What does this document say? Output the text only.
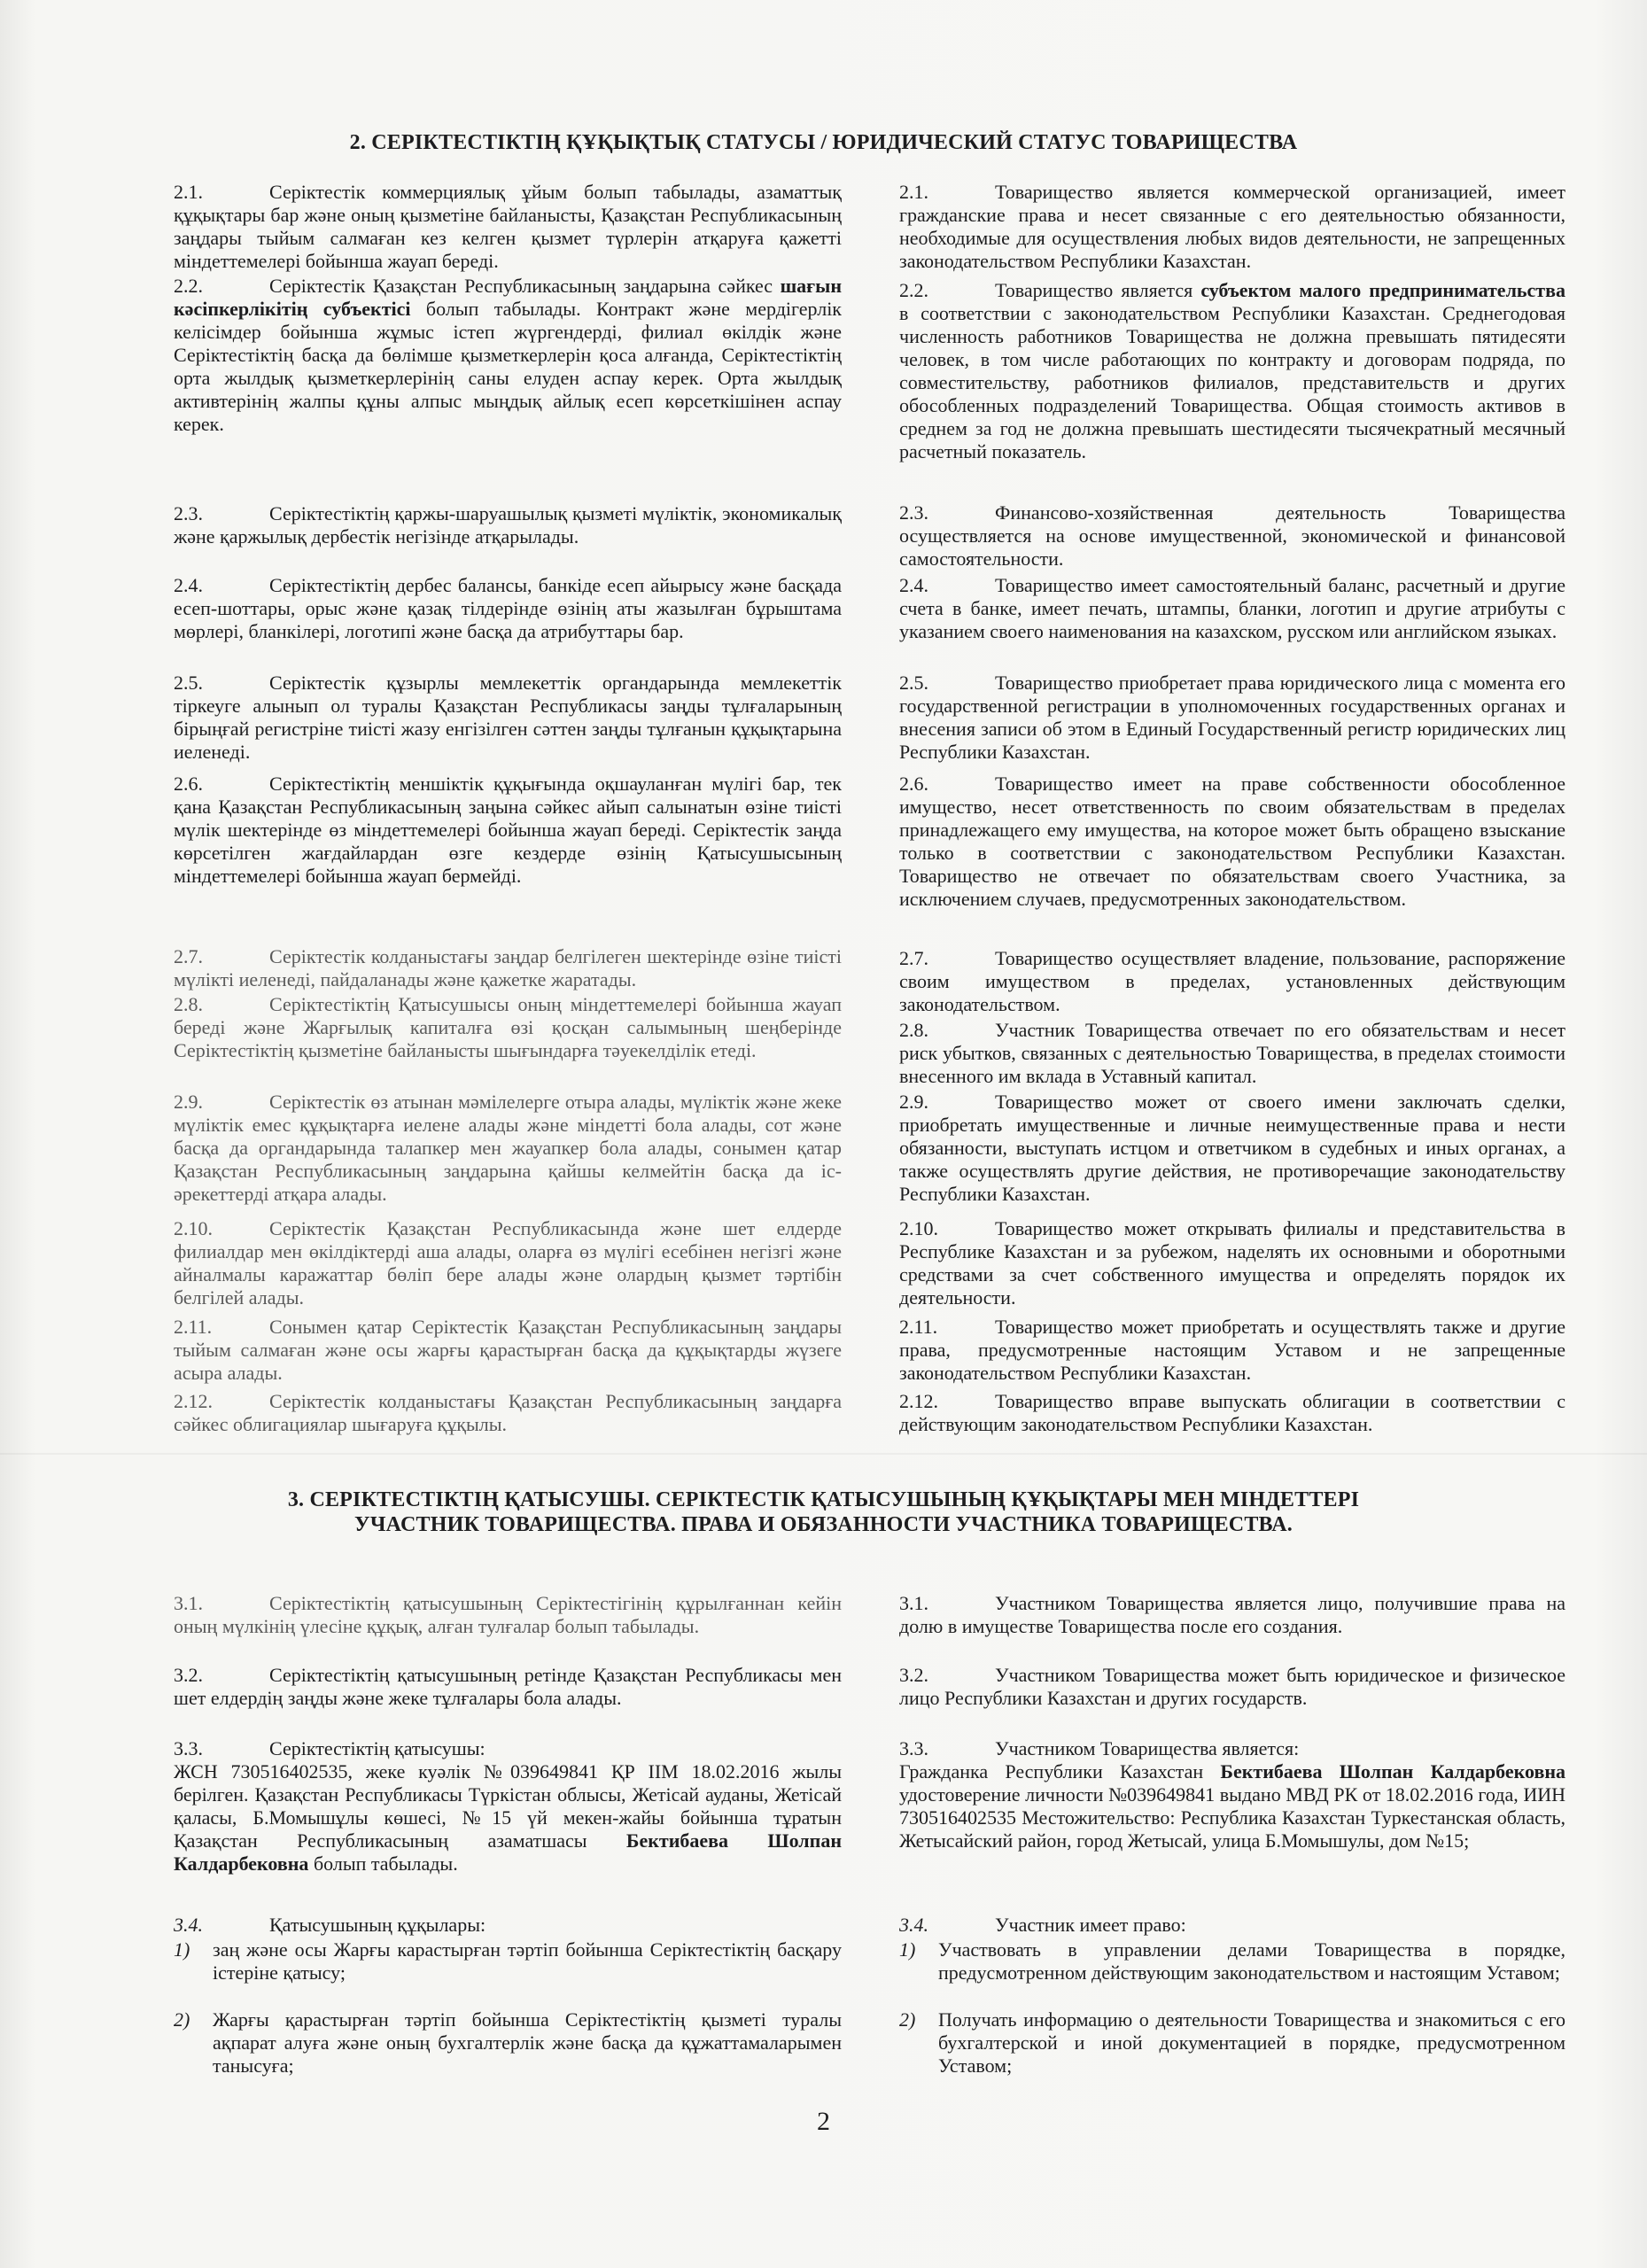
2. СЕРІКТЕСТІКТІҢ ҚҰҚЫҚТЫҚ СТАТУСЫ / ЮРИДИЧЕСКИЙ СТАТУС ТОВАРИЩЕСТВА
2.1.	Серіктестік коммерциялық ұйым болып табылады, азаматтық құқықтары бар және оның қызметіне байланысты, Қазақстан Республикасының заңдары тыйым салмаған кез келген қызмет түрлерін атқаруға қажетті міндеттемелері бойынша жауап береді.
2.2.	Серіктестік Қазақстан Республикасының заңдарына сәйкес шағын кәсіпкерлікітің субъектісі болып табылады. Контракт және мердігерлік келісімдер бойынша жұмыс істеп жүргендерді, филиал өкілдік және Серіктестіктің басқа да бөлімше қызметкерлерін қоса алғанда, Серіктестіктің орта жылдық қызметкерлерінің саны елуден аспау керек. Орта жылдық активтерінің жалпы құны алпыс мыңдық айлық есеп көрсеткішінен аспау керек.
2.3.	Серіктестіктің қаржы-шаруашылық қызметі мүліктік, экономикалық және қаржылық дербестік негізінде атқарылады.
2.4.	Серіктестіктің дербес балансы, банкіде есеп айырысу және басқада есеп-шоттары, орыс және қазақ тілдерінде өзінің аты жазылған бұрыштама мөрлері, бланкілері, логотипі және басқа да атрибуттары бар.
2.5.	Серіктестік құзырлы мемлекеттік органдарында мемлекеттік тіркеуге алынып ол туралы Қазақстан Республикасы заңды тұлғаларының бірыңғай регистріне тиісті жазу енгізілген сәттен заңды тұлғанын құқықтарына иеленеді.
2.6.	Серіктестіктің меншіктік құқығында оқшауланған мүлігі бар, тек қана Қазақстан Республикасының заңына сәйкес айып салынатын өзіне тиісті мүлік шектерінде өз міндеттемелері бойынша жауап береді. Серіктестік заңда көрсетілген жағдайлардан өзге кездерде өзінің Қатысушысының міндеттемелері бойынша жауап бермейді.
2.7.	Серіктестік колданыстағы заңдар белгілеген шектерінде өзіне тиісті мүлікті иеленеді, пайдаланады және қажетке жаратады.
2.8.	Серіктестіктің Қатысушысы оның міндеттемелері бойынша жауап береді және Жарғылық капиталға өзі қосқан салымының шеңберінде Серіктестіктің қызметіне байланысты шығындарға тәуекелділік етеді.
2.9.	Серіктестік өз атынан мәмілелерге отыра алады, мүліктік және жеке мүліктік емес құқықтарға иелене алады және міндетті бола алады, сот және басқа да органдарында талапкер мен жауапкер бола алады, сонымен қатар Қазақстан Республикасының заңдарына қайшы келмейтін басқа да іс-әрекеттерді атқара алады.
2.10.	Серіктестік Қазақстан Республикасында және шет елдерде филиалдар мен өкілдіктерді аша алады, оларға өз мүлігі есебінен негізгі және айналмалы каражаттар бөліп бере алады және олардың қызмет тәртібін белгілей алады.
2.11.	Сонымен қатар Серіктестік Қазақстан Республикасының заңдары тыйым салмаған және осы жарғы қарастырған басқа да құқықтарды жүзеге асыра алады.
2.12.	Серіктестік колданыстағы Қазақстан Республикасының заңдарға сәйкес облигациялар шығаруға құқылы.
2.1.	Товарищество является коммерческой организацией, имеет гражданские права и несет связанные с его деятельностью обязанности, необходимые для осуществления любых видов деятельности, не запрещенных законодательством Республики Казахстан.
2.2.	Товарищество является субъектом малого предпринимательства в соответствии с законодательством Республики Казахстан. Среднегодовая численность работников Товарищества не должна превышать пятидесяти человек, в том числе работающих по контракту и договорам подряда, по совместительству, работников филиалов, представительств и других обособленных подразделений Товарищества. Общая стоимость активов в среднем за год не должна превышать шестидесяти тысячекратный месячный расчетный показатель.
2.3.	Финансово-хозяйственная деятельность Товарищества осуществляется на основе имущественной, экономической и финансовой самостоятельности.
2.4.	Товарищество имеет самостоятельный баланс, расчетный и другие счета в банке, имеет печать, штампы, бланки, логотип и другие атрибуты с указанием своего наименования на казахском, русском или английском языках.
2.5.	Товарищество приобретает права юридического лица с момента его государственной регистрации в уполномоченных государственных органах и внесения записи об этом в Единый Государственный регистр юридических лиц Республики Казахстан.
2.6.	Товарищество имеет на праве собственности обособленное имущество, несет ответственность по своим обязательствам в пределах принадлежащего ему имущества, на которое может быть обращено взыскание только в соответствии с законодательством Республики Казахстан. Товарищество не отвечает по обязательствам своего Участника, за исключением случаев, предусмотренных законодательством.
2.7.	Товарищество осуществляет владение, пользование, распоряжение своим имуществом в пределах, установленных действующим законодательством.
2.8.	Участник Товарищества отвечает по его обязательствам и несет риск убытков, связанных с деятельностью Товарищества, в пределах стоимости внесенного им вклада в Уставный капитал.
2.9.	Товарищество может от своего имени заключать сделки, приобретать имущественные и личные неимущественные права и нести обязанности, выступать истцом и ответчиком в судебных и иных органах, а также осуществлять другие действия, не противоречащие законодательству Республики Казахстан.
2.10.	Товарищество может открывать филиалы и представительства в Республике Казахстан и за рубежом, наделять их основными и оборотными средствами за счет собственного имущества и определять порядок их деятельности.
2.11.	Товарищество может приобретать и осуществлять также и другие права, предусмотренные настоящим Уставом и не запрещенные законодательством Республики Казахстан.
2.12.	Товарищество вправе выпускать облигации в соответствии с действующим законодательством Республики Казахстан.
3. СЕРІКТЕСТІКТІҢ ҚАТЫСУШЫ. СЕРІКТЕСТІК ҚАТЫСУШЫНЫҢ ҚҰҚЫҚТАРЫ МЕН МІНДЕТТЕРІ
УЧАСТНИК ТОВАРИЩЕСТВА. ПРАВА И ОБЯЗАННОСТИ УЧАСТНИКА ТОВАРИЩЕСТВА.
3.1.	Серіктестіктің қатысушының Серіктестігінің құрылғаннан кейін оның мүлкінің үлесіне құқық, алған тулғалар болып табылады.
3.2.	Серіктестіктің қатысушының ретінде Қазақстан Республикасы мен шет елдердің заңды және жеке тұлғалары бола алады.
3.3.	Серіктестіктің қатысушы:
ЖСН 730516402535, жеке куәлік №039649841 ҚР ІІМ 18.02.2016 жылы берілген. Қазақстан Республикасы Түркістан облысы, Жетісай ауданы, Жетісай қаласы, Б.Момышұлы көшесі, №15 үй мекен-жайы бойынша тұратын Қазақстан Республикасының азаматшасы Бектибаева Шолпан Калдарбековна болып табылады.
3.4.	Қатысушының құқылары:
1) заң және осы Жарғы карастырған тәртіп бойынша Серіктестіктің басқару істеріне қатысу;
2) Жарғы қарастырған тәртіп бойынша Серіктестіктің қызметі туралы ақпарат алуға және оның бухгалтерлік және басқа да құжаттамаларымен танысуға;
3.1.	Участником Товарищества является лицо, получившие права на долю в имуществе Товарищества после его создания.
3.2.	Участником Товарищества может быть юридическое и физическое лицо Республики Казахстан и других государств.
3.3.	Участником Товарищества является:
Гражданка Республики Казахстан Бектибаева Шолпан Калдарбековна удостоверение личности №039649841 выдано МВД РК от 18.02.2016 года, ИИН 730516402535 Местожительство: Республика Казахстан Туркестанская область, Жетысайский район, город Жетысай, улица Б.Момышулы, дом №15;
3.4.	Участник имеет право:
1) Участвовать в управлении делами Товарищества в порядке, предусмотренном действующим законодательством и настоящим Уставом;
2) Получать информацию о деятельности Товарищества и знакомиться с его бухгалтерской и иной документацией в порядке, предусмотренном Уставом;
2
